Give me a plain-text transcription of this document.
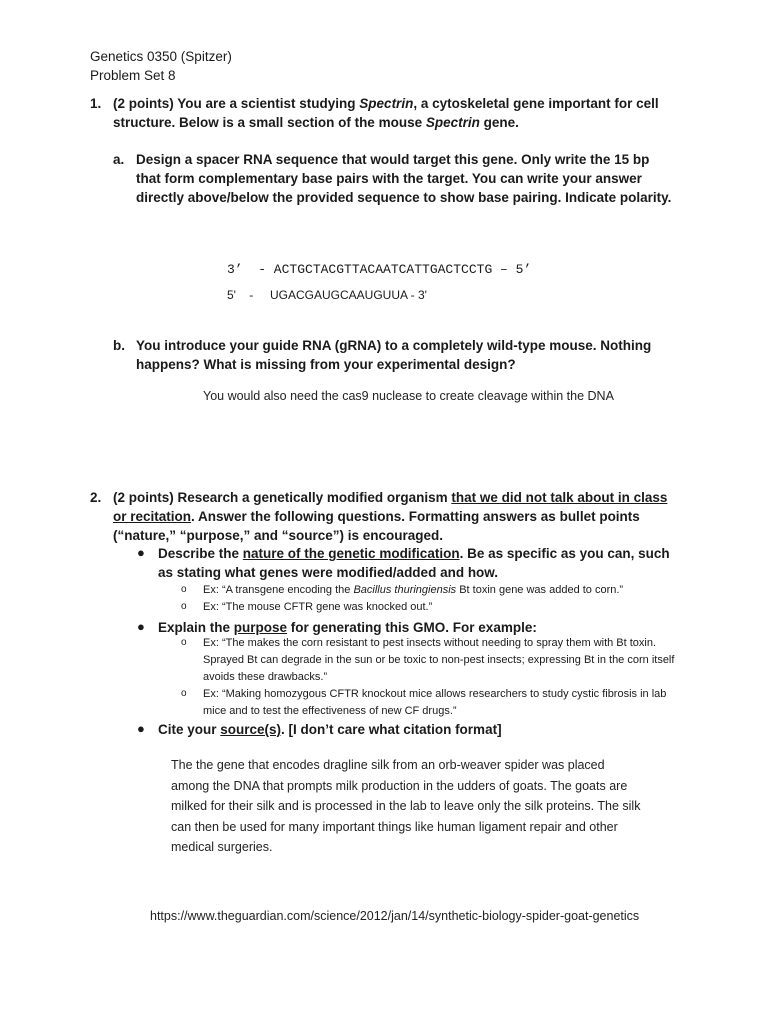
Genetics 0350 (Spitzer)
Problem Set 8
1. (2 points) You are a scientist studying Spectrin, a cytoskeletal gene important for cell structure. Below is a small section of the mouse Spectrin gene.
a. Design a spacer RNA sequence that would target this gene. Only write the 15 bp that form complementary base pairs with the target. You can write your answer directly above/below the provided sequence to show base pairing. Indicate polarity.
3’  - ACTGCTACGTTACAATCATTGACTCCTG – 5’
5'    -     UGACGAUGCAAUGUUA - 3'
b. You introduce your guide RNA (gRNA) to a completely wild-type mouse. Nothing happens? What is missing from your experimental design?
You would also need the cas9 nuclease to create cleavage within the DNA
2. (2 points) Research a genetically modified organism that we did not talk about in class or recitation. Answer the following questions. Formatting answers as bullet points (“nature,” “purpose,” and “source”) is encouraged.
● Describe the nature of the genetic modification. Be as specific as you can, such as stating what genes were modified/added and how.
o Ex: “A transgene encoding the Bacillus thuringiensis Bt toxin gene was added to corn.”
o Ex: “The mouse CFTR gene was knocked out.”
● Explain the purpose for generating this GMO. For example:
o Ex: “The makes the corn resistant to pest insects without needing to spray them with Bt toxin. Sprayed Bt can degrade in the sun or be toxic to non-pest insects; expressing Bt in the corn itself avoids these drawbacks.”
o Ex: “Making homozygous CFTR knockout mice allows researchers to study cystic fibrosis in lab mice and to test the effectiveness of new CF drugs.”
● Cite your source(s). [I don’t care what citation format]
The the gene that encodes dragline silk from an orb-weaver spider was placed among the DNA that prompts milk production in the udders of goats. The goats are milked for their silk and is processed in the lab to leave only the silk proteins. The silk can then be used for many important things like human ligament repair and other medical surgeries.
https://www.theguardian.com/science/2012/jan/14/synthetic-biology-spider-goat-genetics
